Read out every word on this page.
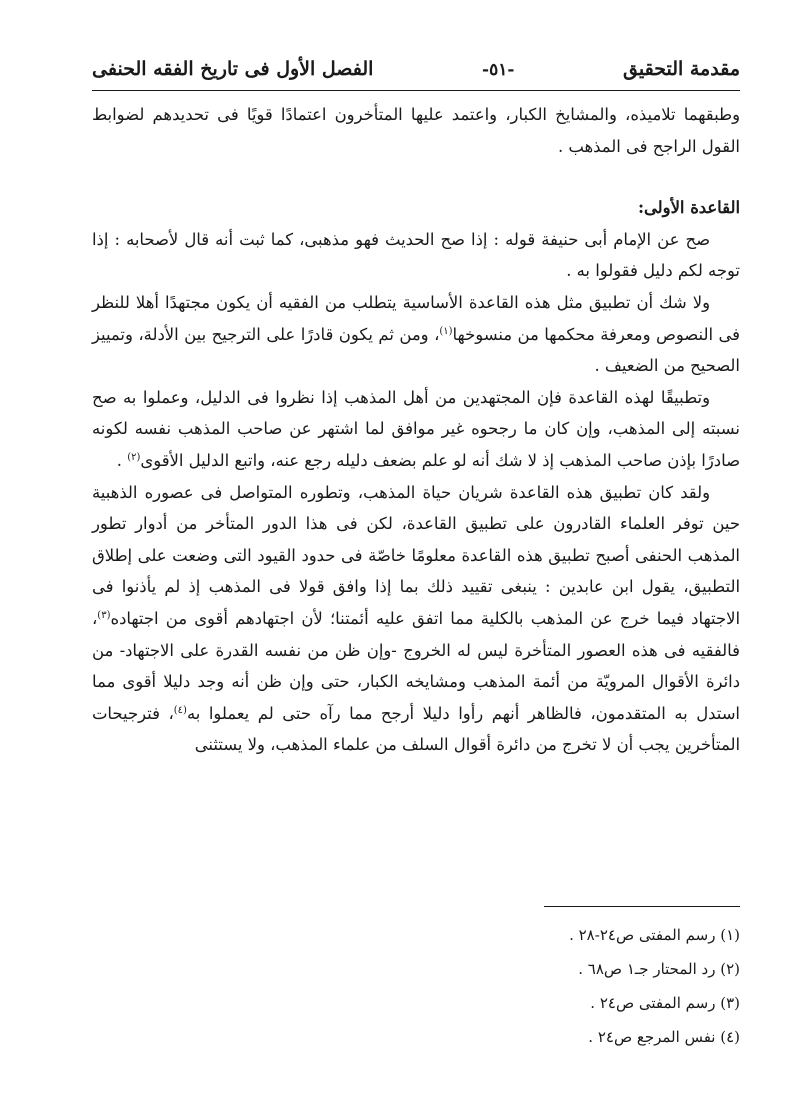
مقدمة التحقيق
-٥١-
الفصل الأول فى تاريخ الفقه الحنفى

وطبقهما تلاميذه، والمشايخ الكبار، واعتمد عليها المتأخرون اعتمادًا قويًا فى تحديدهم لضوابط القول الراجح فى المذهب .

القاعدة الأولى:

صح عن الإمام أبى حنيفة قوله : إذا صح الحديث فهو مذهبى، كما ثبت أنه قال لأصحابه : إذا توجه لكم دليل فقولوا به .

ولا شك أن تطبيق مثل هذه القاعدة الأساسية يتطلب من الفقيه أن يكون مجتهدًا أهلا للنظر فى النصوص ومعرفة محكمها من منسوخها$^{(١)}$، ومن ثم يكون قادرًا على الترجيح بين الأدلة، وتمييز الصحيح من الضعيف .

وتطبيقًا لهذه القاعدة فإن المجتهدين من أهل المذهب إذا نظروا فى الدليل، وعملوا به صح نسبته إلى المذهب، وإن كان ما رجحوه غير موافق لما اشتهر عن صاحب المذهب نفسه لكونه صادرًا بإذن صاحب المذهب إذ لا شك أنه لو علم بضعف دليله رجع عنه، واتبع الدليل الأقوى$^{(٢)}$ .

ولقد كان تطبيق هذه القاعدة شريان حياة المذهب، وتطوره المتواصل فى عصوره الذهبية حين توفر العلماء القادرون على تطبيق القاعدة، لكن فى هذا الدور المتأخر من أدوار تطور المذهب الحنفى أصبح تطبيق هذه القاعدة معلومًا خاصّة فى حدود القيود التى وضعت على إطلاق التطبيق، يقول ابن عابدين : ينبغى تقييد ذلك بما إذا وافق قولا فى المذهب إذ لم يأذنوا فى الاجتهاد فيما خرج عن المذهب بالكلية مما اتفق عليه أئمتنا؛ لأن اجتهادهم أقوى من اجتهاده$^{(٣)}$، فالفقيه فى هذه العصور المتأخرة ليس له الخروج -وإن ظن من نفسه القدرة على الاجتهاد- من دائرة الأقوال المرويّة من أئمة المذهب ومشايخه الكبار، حتى وإن ظن أنه وجد دليلا أقوى مما استدل به المتقدمون، فالظاهر أنهم رأوا دليلا أرجح مما رآه حتى لم يعملوا به$^{(٤)}$، فترجيحات المتأخرين يجب أن لا تخرج من دائرة أقوال السلف من علماء المذهب، ولا يستثنى

(١) رسم المفتى ص٢٤-٢٨ .
(٢) رد المحتار جـ١ ص٦٨ .
(٣) رسم المفتى ص٢٤ .
(٤) نفس المرجع ص٢٤ .
